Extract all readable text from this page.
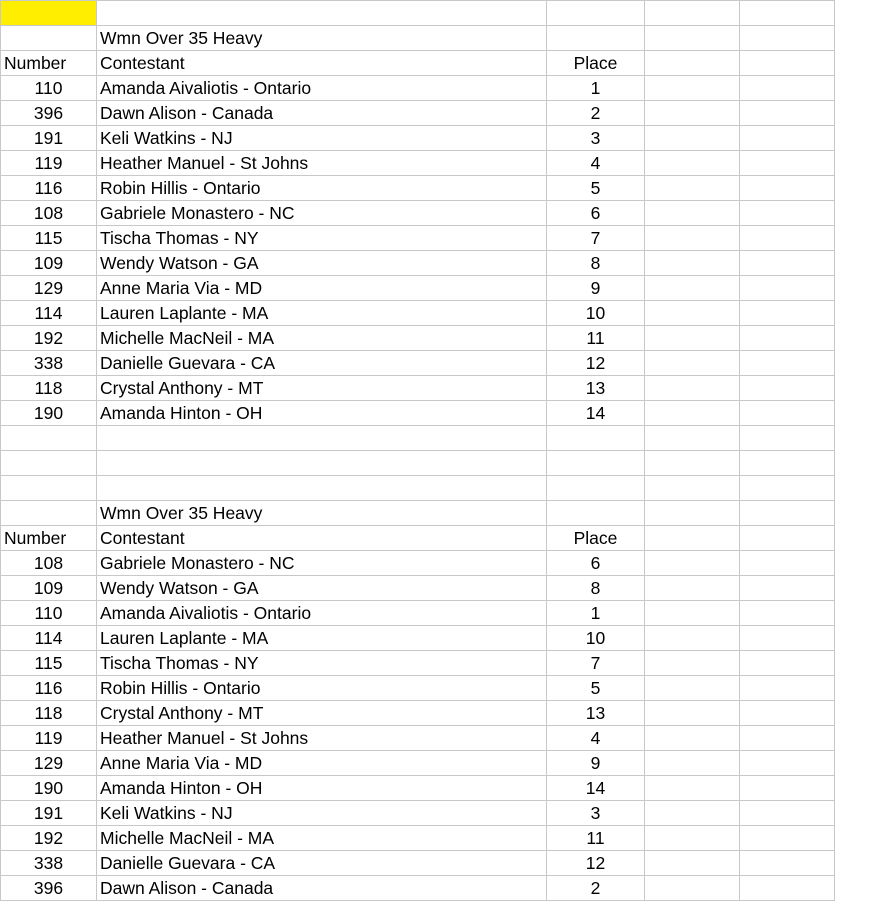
	Wmn Over 35 Heavy			
Number	Contestant	Place		
110	Amanda Aivaliotis - Ontario	1		
396	Dawn Alison - Canada	2		
191	Keli Watkins - NJ	3		
119	Heather Manuel - St Johns	4		
116	Robin Hillis - Ontario	5		
108	Gabriele Monastero - NC	6		
115	Tischa Thomas - NY	7		
109	Wendy Watson - GA	8		
129	Anne Maria Via - MD	9		
114	Lauren Laplante - MA	10		
192	Michelle MacNeil - MA	11		
338	Danielle Guevara - CA	12		
118	Crystal Anthony - MT	13		
190	Amanda Hinton - OH	14		

	Wmn Over 35 Heavy			
Number	Contestant	Place		
108	Gabriele Monastero - NC	6		
109	Wendy Watson - GA	8		
110	Amanda Aivaliotis - Ontario	1		
114	Lauren Laplante - MA	10		
115	Tischa Thomas - NY	7		
116	Robin Hillis - Ontario	5		
118	Crystal Anthony - MT	13		
119	Heather Manuel - St Johns	4		
129	Anne Maria Via - MD	9		
190	Amanda Hinton - OH	14		
191	Keli Watkins - NJ	3		
192	Michelle MacNeil - MA	11		
338	Danielle Guevara - CA	12		
396	Dawn Alison - Canada	2		
